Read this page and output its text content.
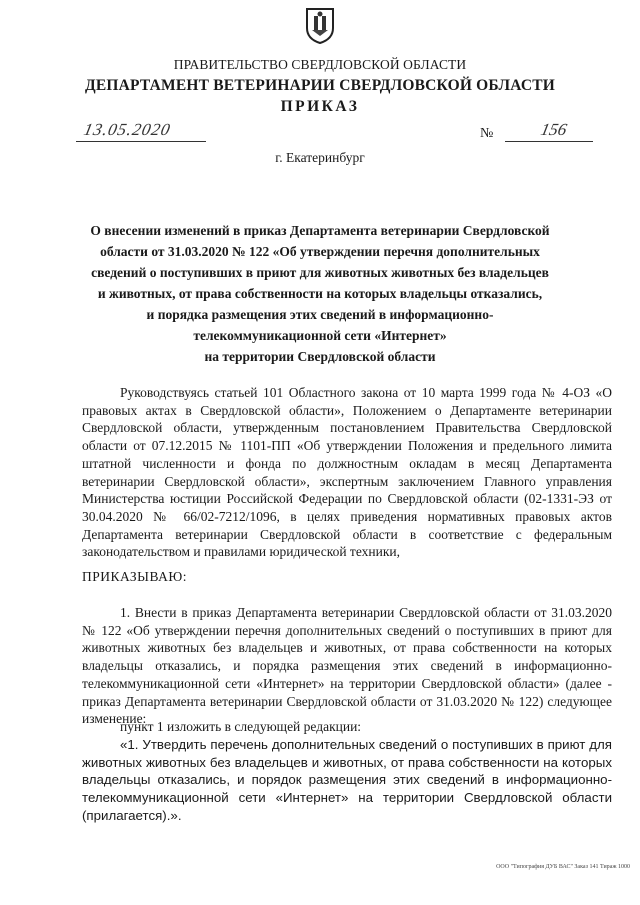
ПРАВИТЕЛЬСТВО СВЕРДЛОВСКОЙ ОБЛАСТИ
ДЕПАРТАМЕНТ ВЕТЕРИНАРИИ СВЕРДЛОВСКОЙ ОБЛАСТИ
ПРИКАЗ
13.05.2020	№	156
г. Екатеринбург
О внесении изменений в приказ Департамента ветеринарии Свердловской
области от 31.03.2020 № 122 «Об утверждении перечня дополнительных
сведений о поступивших в приют для животных животных без владельцев
и животных, от права собственности на которых владельцы отказались,
и порядка размещения этих сведений в информационно-
телекоммуникационной сети «Интернет»
на территории Свердловской области
Руководствуясь статьей 101 Областного закона от 10 марта 1999 года № 4-ОЗ «О правовых актах в Свердловской области», Положением о Департаменте ветеринарии Свердловской области, утвержденным постановлением Правительства Свердловской области от 07.12.2015 № 1101-ПП «Об утверждении Положения и предельного лимита штатной численности и фонда по должностным окладам в месяц Департамента ветеринарии Свердловской области», экспертным заключением Главного управления Министерства юстиции Российской Федерации по Свердловской области (02-1331-ЭЗ от 30.04.2020 № 66/02-7212/1096, в целях приведения нормативных правовых актов Департамента ветеринарии Свердловской области в соответствие с федеральным законодательством и правилами юридической техники,
ПРИКАЗЫВАЮ:
1. Внести в приказ Департамента ветеринарии Свердловской области от 31.03.2020 № 122 «Об утверждении перечня дополнительных сведений о поступивших в приют для животных животных без владельцев и животных, от права собственности на которых владельцы отказались, и порядка размещения этих сведений в информационно-телекоммуникационной сети «Интернет» на территории Свердловской области» (далее - приказ Департамента ветеринарии Свердловской области от 31.03.2020 № 122) следующее изменение:
пункт 1 изложить в следующей редакции:
«1. Утвердить перечень дополнительных сведений о поступивших в приют для животных животных без владельцев и животных, от права собственности на которых владельцы отказались, и порядок размещения этих сведений в информационно-телекоммуникационной сети «Интернет» на территории Свердловской области (прилагается).».
ООО "Типография ДУБ ВАС" Заказ 141 Тираж 1000
